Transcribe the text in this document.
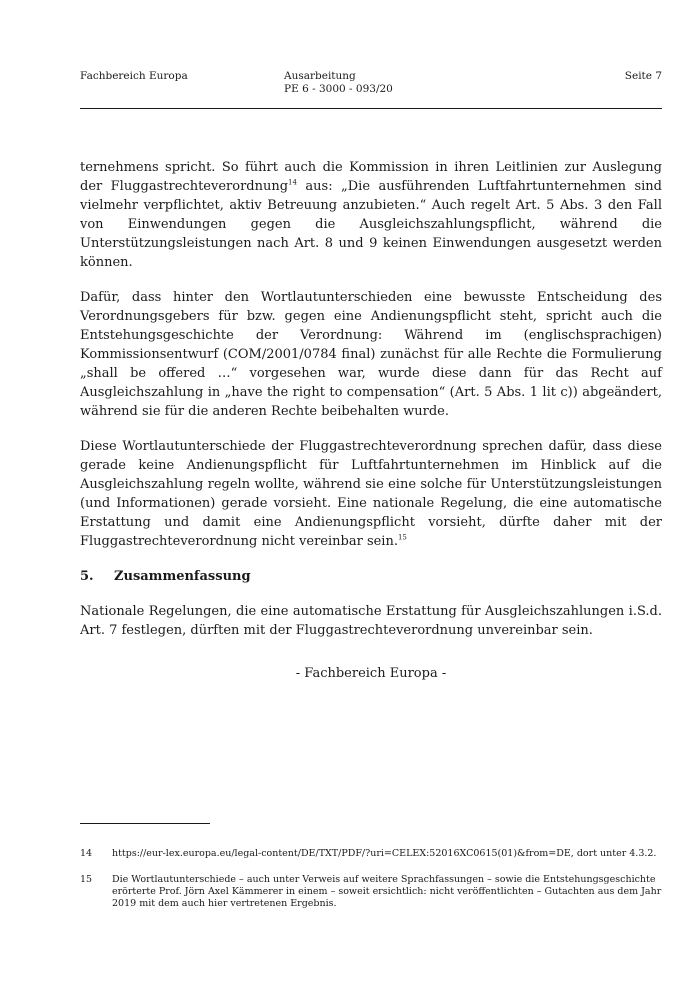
Fachbereich Europa	Ausarbeitung
PE 6 - 3000 - 093/20
Seite 7

ternehmens spricht. So führt auch die Kommission in ihren Leitlinien zur Auslegung der Fluggastrechteverordnung$^{14}$ aus: „Die ausführenden Luftfahrtunternehmen sind vielmehr verpflichtet, aktiv Betreuung anzubieten.“ Auch regelt Art. 5 Abs. 3 den Fall von Einwendungen gegen die Ausgleichszahlungspflicht, während die Unterstützungsleistungen nach Art. 8 und 9 keinen Einwendungen ausgesetzt werden können.

Dafür, dass hinter den Wortlautunterschieden eine bewusste Entscheidung des Verordnungsgebers für bzw. gegen eine Andienungspflicht steht, spricht auch die Entstehungsgeschichte der Verordnung: Während im (englischsprachigen) Kommissionsentwurf (COM/2001/0784 final) zunächst für alle Rechte die Formulierung „shall be offered …“ vorgesehen war, wurde diese dann für das Recht auf Ausgleichszahlung in „have the right to compensation“ (Art. 5 Abs. 1 lit c)) abgeändert, während sie für die anderen Rechte beibehalten wurde.

Diese Wortlautunterschiede der Fluggastrechteverordnung sprechen dafür, dass diese gerade keine Andienungspflicht für Luftfahrtunternehmen im Hinblick auf die Ausgleichszahlung regeln wollte, während sie eine solche für Unterstützungsleistungen (und Informationen) gerade vorsieht. Eine nationale Regelung, die eine automatische Erstattung und damit eine Andienungspflicht vorsieht, dürfte daher mit der Fluggastrechteverordnung nicht vereinbar sein.$^{15}$

5.	Zusammenfassung

Nationale Regelungen, die eine automatische Erstattung für Ausgleichszahlungen i.S.d. Art. 7 festlegen, dürften mit der Fluggastrechteverordnung unvereinbar sein.

- Fachbereich Europa -
14	https://eur-lex.europa.eu/legal-content/DE/TXT/PDF/?uri=CELEX:52016XC0615(01)&from=DE, dort unter 4.3.2.
15	Die Wortlautunterschiede – auch unter Verweis auf weitere Sprachfassungen – sowie die Entstehungsgeschichte erörterte Prof. Jörn Axel Kämmerer in einem – soweit ersichtlich: nicht veröffentlichten – Gutachten aus dem Jahr 2019 mit dem auch hier vertretenen Ergebnis.
